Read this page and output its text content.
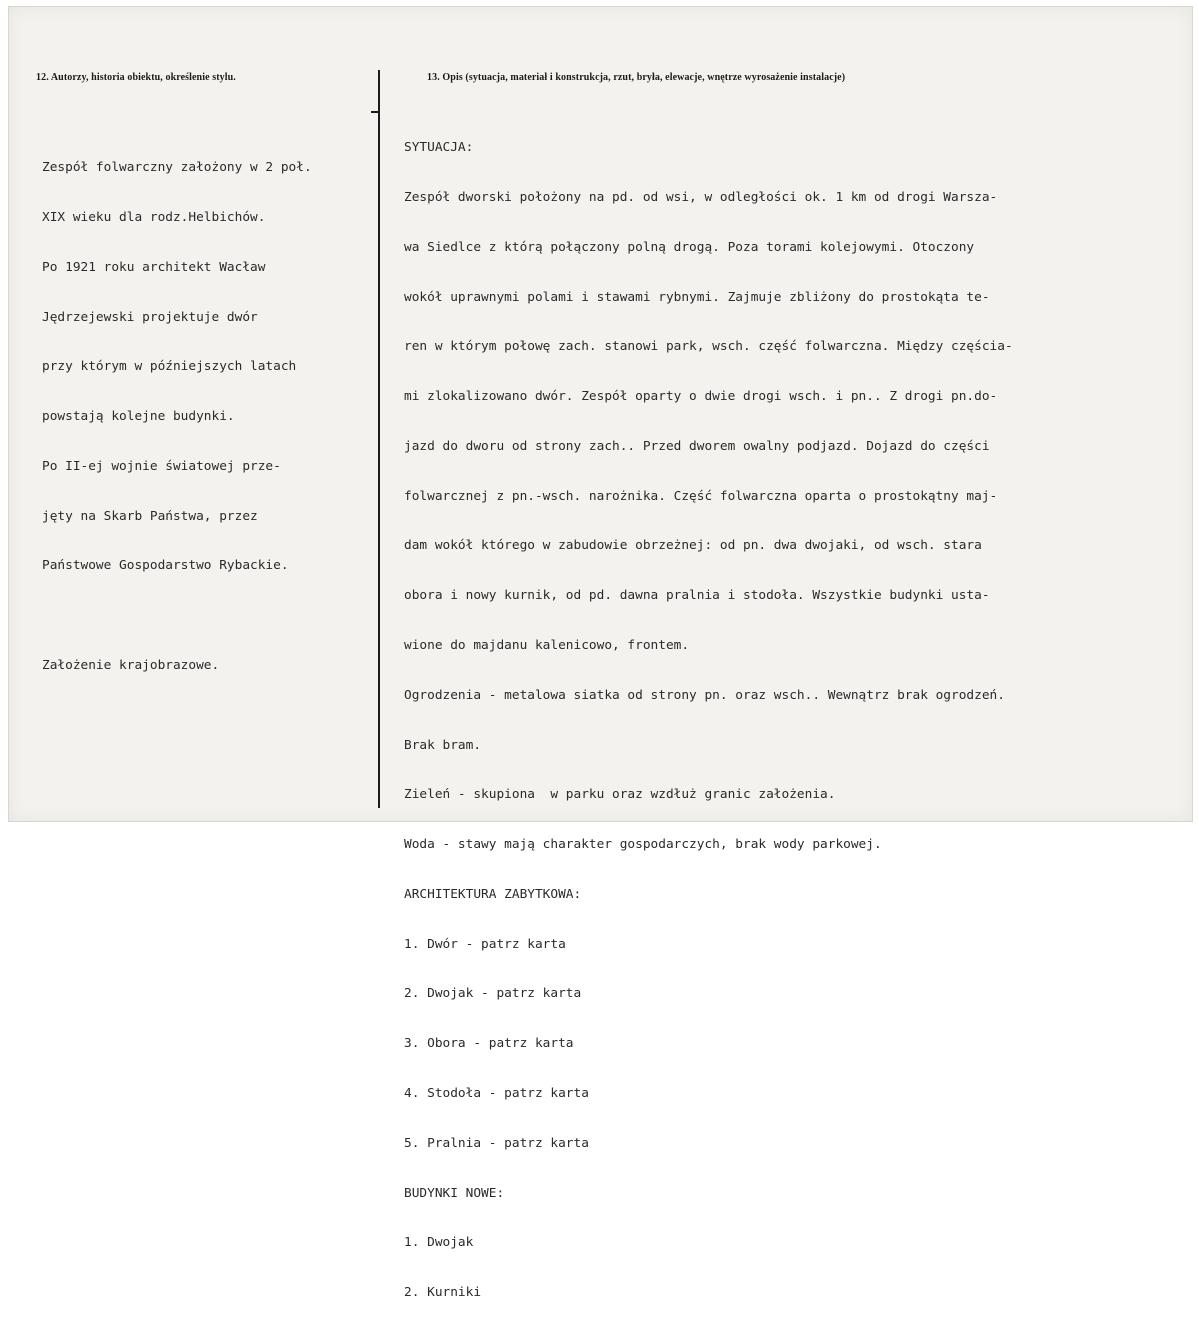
12. Autorzy, historia obiektu, określenie stylu.	13. Opis (sytuacja, materiał i konstrukcja, rzut, bryła, elewacje, wnętrze wyrosażenie instalacje)

Zespół folwarczny założony w 2 poł.

XIX wieku dla rodz.Helbichów.

Po 1921 roku architekt Wacław

Jędrzejewski projektuje dwór

przy którym w późniejszych latach

powstają kolejne budynki.

Po II-ej wojnie światowej prze-

jęty na Skarb Państwa, przez

Państwowe Gospodarstwo Rybackie.

Założenie krajobrazowe.

SYTUACJA:

Zespół dworski położony na pd. od wsi, w odległości ok. 1 km od drogi Warsza-

wa Siedlce z którą połączony polną drogą. Poza torami kolejowymi. Otoczony

wokół uprawnymi polami i stawami rybnymi. Zajmuje zbliżony do prostokąta te-

ren w którym połowę zach. stanowi park, wsch. część folwarczna. Między częścia-

mi zlokalizowano dwór. Zespół oparty o dwie drogi wsch. i pn.. Z drogi pn.do-

jazd do dworu od strony zach.. Przed dworem owalny podjazd. Dojazd do części

folwarcznej z pn.-wsch. narożnika. Część folwarczna oparta o prostokątny maj-

dam wokół którego w zabudowie obrzeżnej: od pn. dwa dwojaki, od wsch. stara

obora i nowy kurnik, od pd. dawna pralnia i stodoła. Wszystkie budynki usta-

wione do majdanu kalenicowo, frontem.

Ogrodzenia - metalowa siatka od strony pn. oraz wsch.. Wewnątrz brak ogrodzeń.

Brak bram.

Zieleń - skupiona  w parku oraz wzdłuż granic założenia.

Woda - stawy mają charakter gospodarczych, brak wody parkowej.

ARCHITEKTURA ZABYTKOWA:

1. Dwór - patrz karta

2. Dwojak - patrz karta

3. Obora - patrz karta

4. Stodoła - patrz karta

5. Pralnia - patrz karta

BUDYNKI NOWE:

1. Dwojak

2. Kurniki
